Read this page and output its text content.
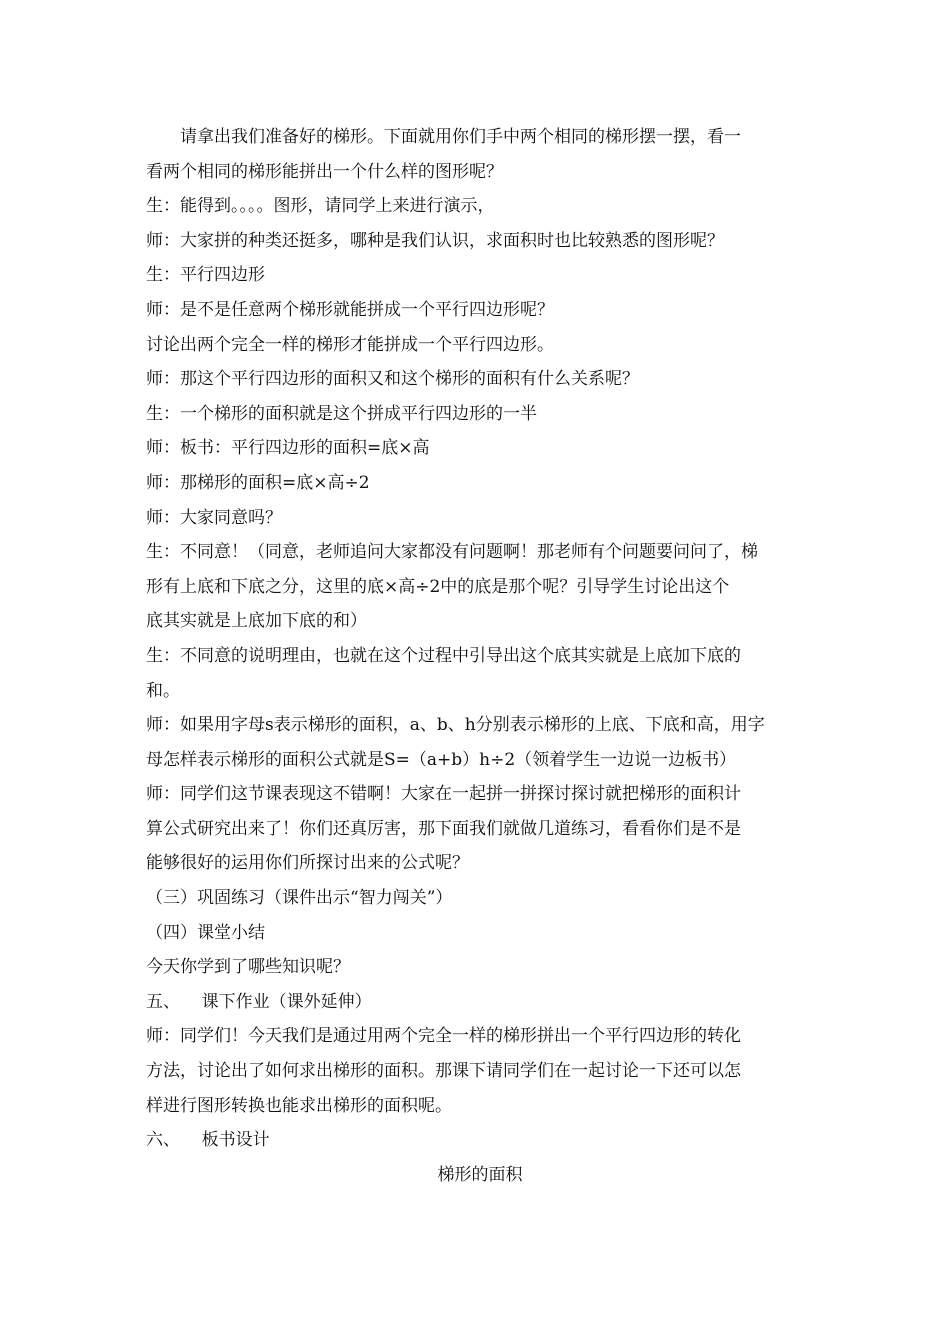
请拿出我们准备好的梯形。下面就用你们手中两个相同的梯形摆一摆，看一
看两个相同的梯形能拼出一个什么样的图形呢？
生：能得到。。。。图形，请同学上来进行演示，
师：大家拼的种类还挺多，哪种是我们认识，求面积时也比较熟悉的图形呢？
生：平行四边形
师：是不是任意两个梯形就能拼成一个平行四边形呢？
讨论出两个完全一样的梯形才能拼成一个平行四边形。
师：那这个平行四边形的面积又和这个梯形的面积有什么关系呢？
生：一个梯形的面积就是这个拼成平行四边形的一半
师：板书：平行四边形的面积=底×高
师：那梯形的面积=底×高÷2
师：大家同意吗？
生：不同意！（同意，老师追问大家都没有问题啊！那老师有个问题要问问了，梯
形有上底和下底之分，这里的底×高÷2中的底是那个呢？引导学生讨论出这个
底其实就是上底加下底的和）
生：不同意的说明理由，也就在这个过程中引导出这个底其实就是上底加下底的
和。
师：如果用字母s表示梯形的面积，a、b、h分别表示梯形的上底、下底和高，用字
母怎样表示梯形的面积公式就是S=（a+b）h÷2（领着学生一边说一边板书）
师：同学们这节课表现这不错啊！大家在一起拼一拼探讨探讨就把梯形的面积计
算公式研究出来了！你们还真厉害，那下面我们就做几道练习，看看你们是不是
能够很好的运用你们所探讨出来的公式呢？
（三）巩固练习（课件出示“智力闯关”）
（四）课堂小结
今天你学到了哪些知识呢？
五、    课下作业（课外延伸）
师：同学们！今天我们是通过用两个完全一样的梯形拼出一个平行四边形的转化
方法，讨论出了如何求出梯形的面积。那课下请同学们在一起讨论一下还可以怎
样进行图形转换也能求出梯形的面积呢。
六、    板书设计
梯形的面积
